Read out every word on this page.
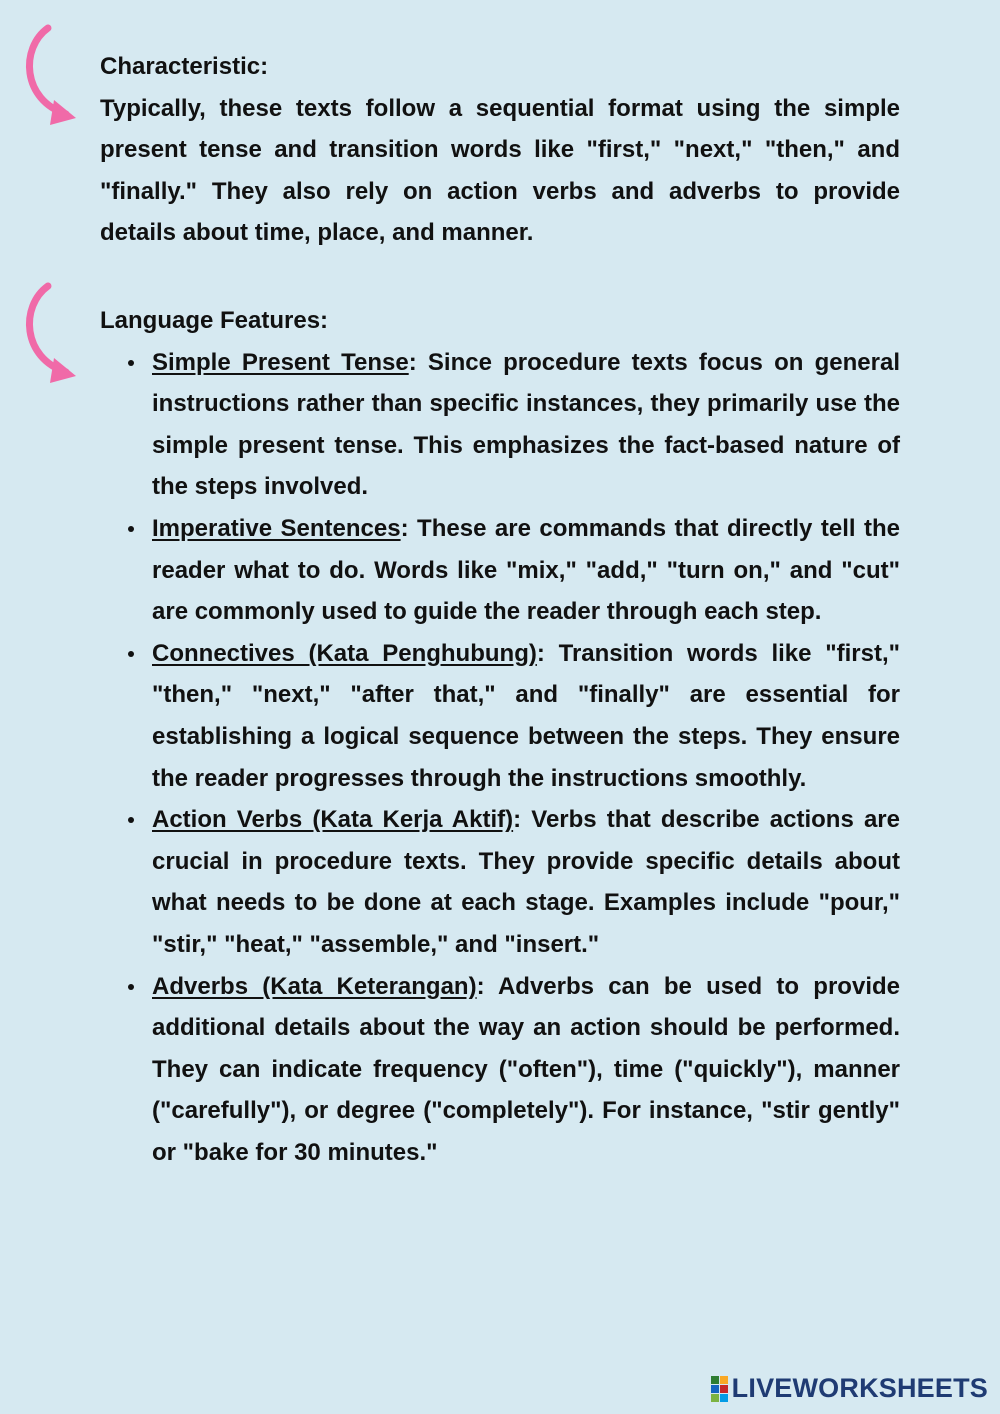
Characteristic:

Typically, these texts follow a sequential format using the simple present tense and transition words like "first," "next," "then," and "finally." They also rely on action verbs and adverbs to provide details about time, place, and manner.

Language Features:

Simple Present Tense: Since procedure texts focus on general instructions rather than specific instances, they primarily use the simple present tense. This emphasizes the fact-based nature of the steps involved.
Imperative Sentences: These are commands that directly tell the reader what to do. Words like "mix," "add," "turn on," and "cut" are commonly used to guide the reader through each step.
Connectives (Kata Penghubung): Transition words like "first," "then," "next," "after that," and "finally" are essential for establishing a logical sequence between the steps. They ensure the reader progresses through the instructions smoothly.
Action Verbs (Kata Kerja Aktif): Verbs that describe actions are crucial in procedure texts. They provide specific details about what needs to be done at each stage. Examples include "pour," "stir," "heat," "assemble," and "insert."
Adverbs (Kata Keterangan): Adverbs can be used to provide additional details about the way an action should be performed. They can indicate frequency ("often"), time ("quickly"), manner ("carefully"), or degree ("completely"). For instance, "stir gently" or "bake for 30 minutes."
LIVEWORKSHEETS
